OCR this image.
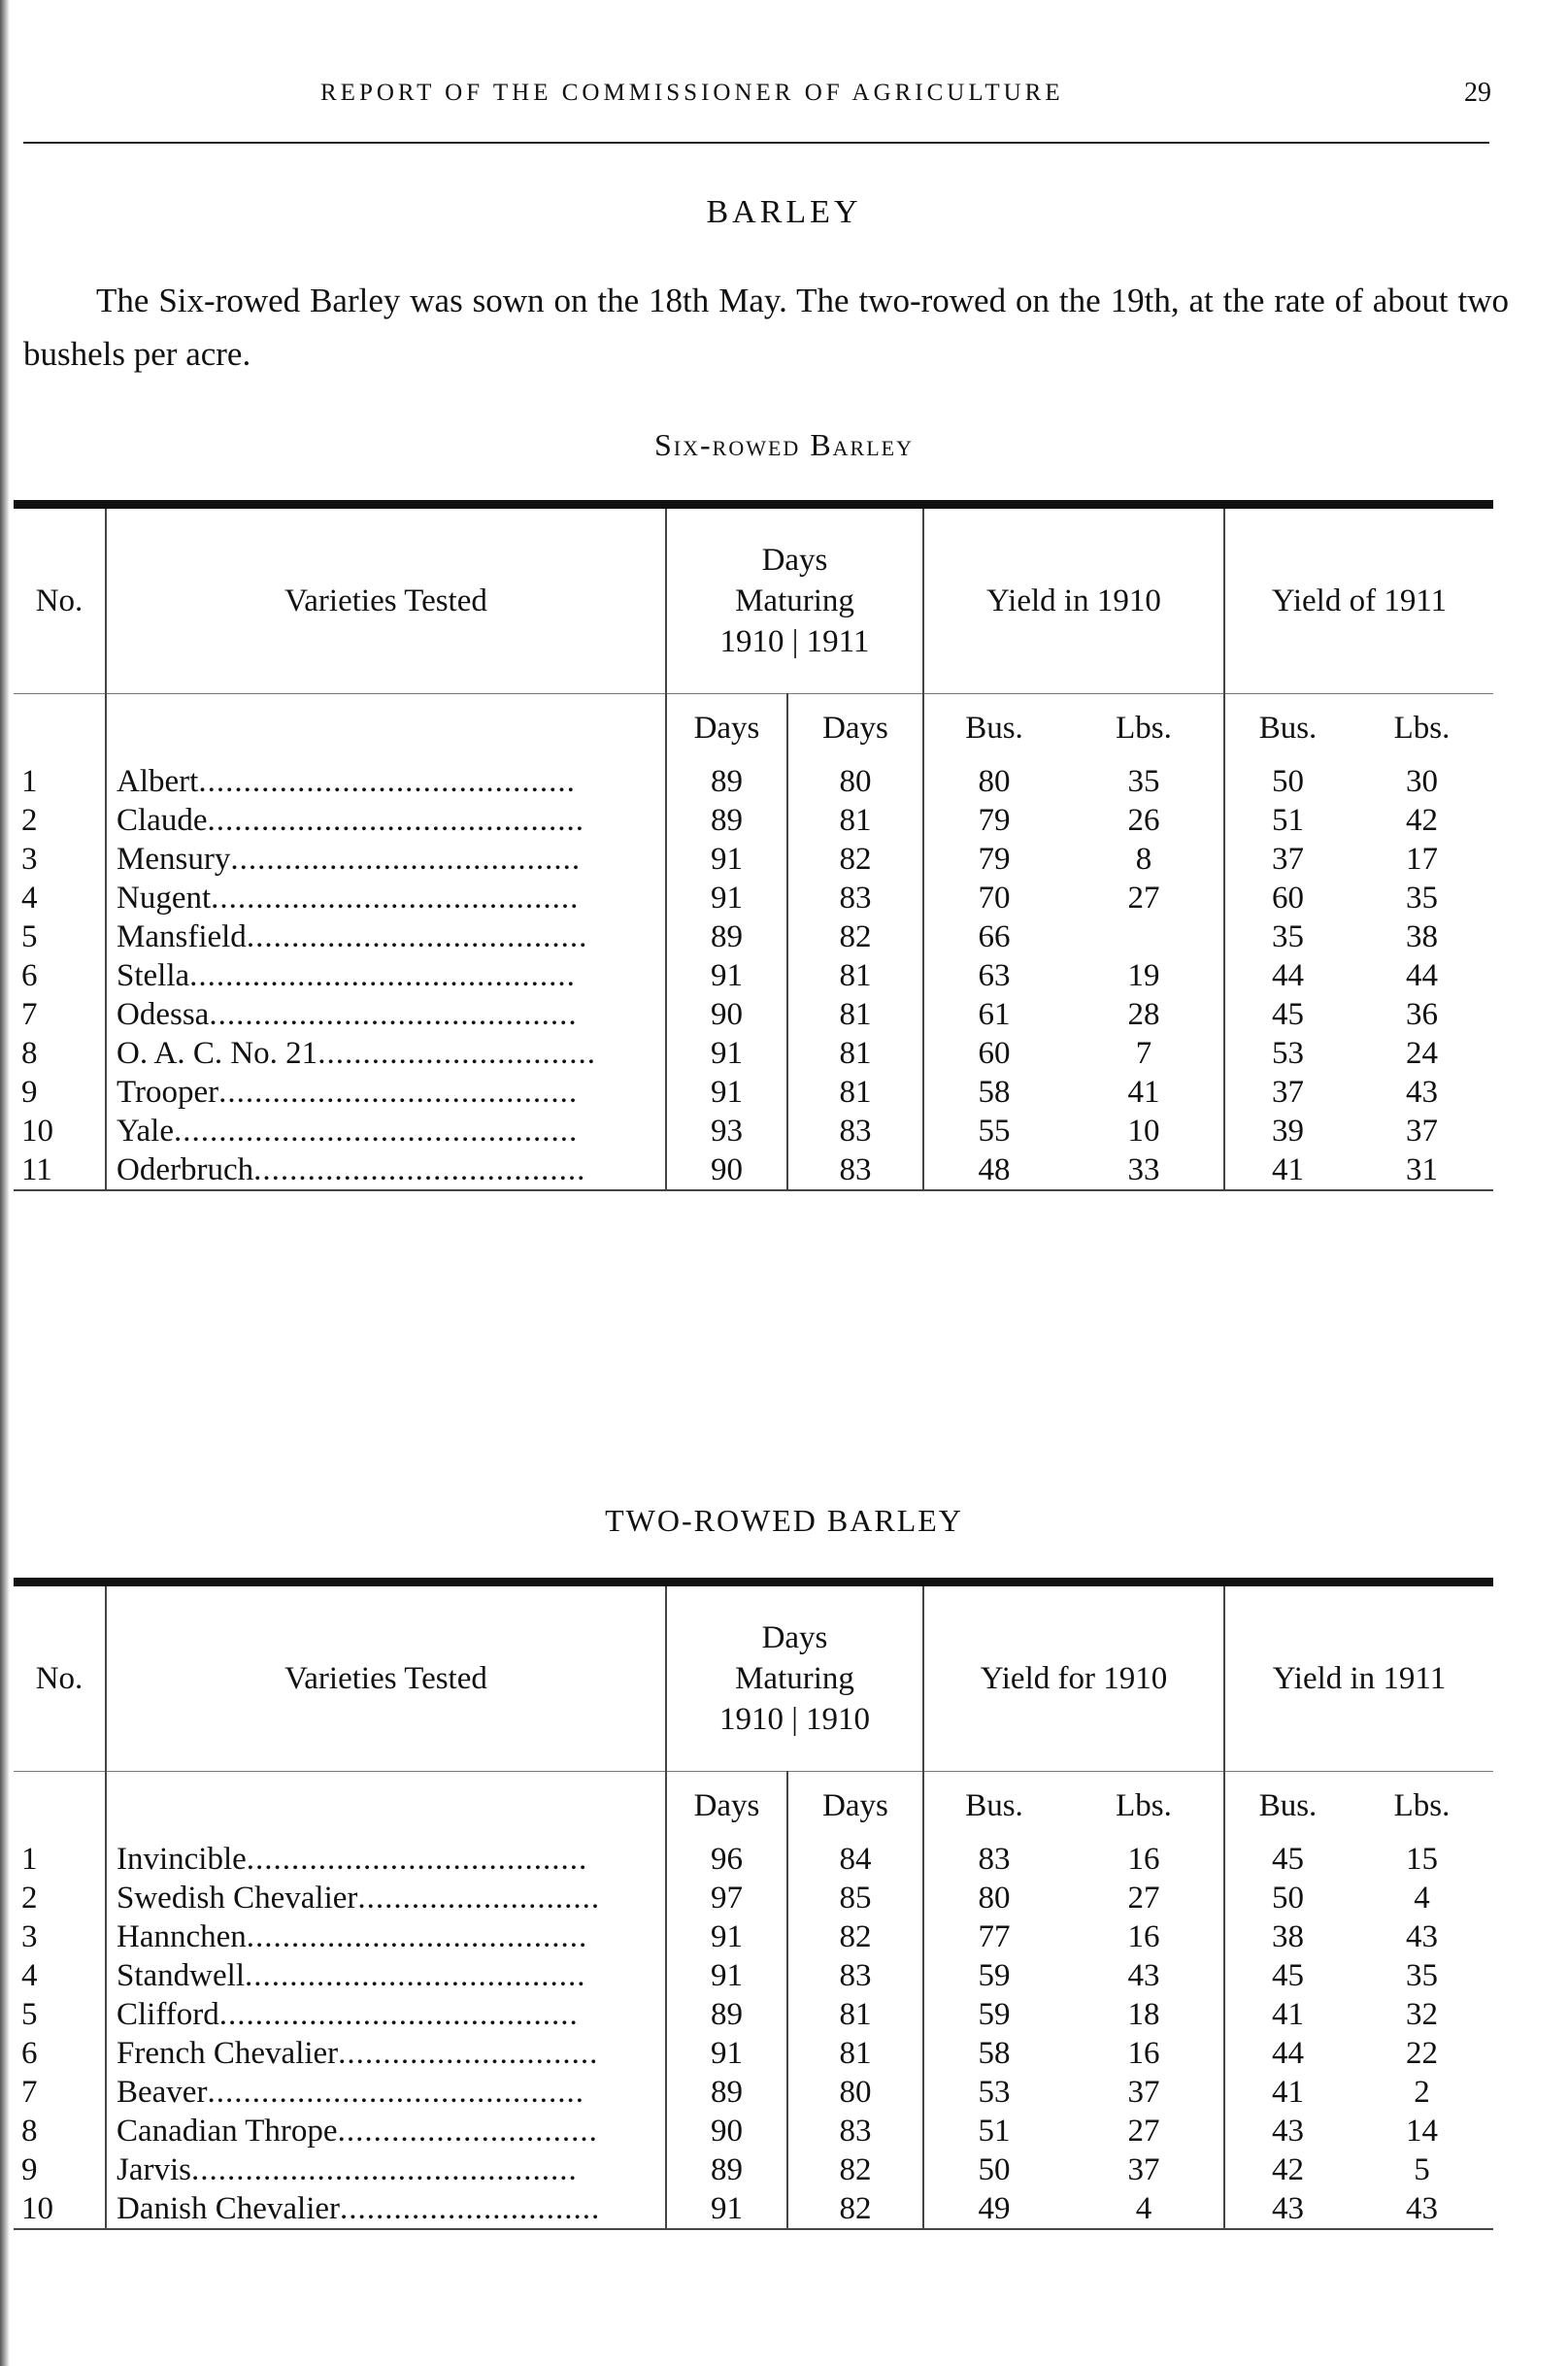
REPORT OF THE COMMISSIONER OF AGRICULTURE	29
BARLEY

The Six-rowed Barley was sown on the 18th May. The two-rowed on the 19th, at the rate of about two bushels per acre.

Six-rowed Barley

No.	Varieties Tested	Days
Maturing
1910 | 1911		Yield in 1910		Yield of 1911	
		Days	Days	Bus.	Lbs.	Bus.	Lbs.
1	Albert..........................................	89	80	80	35	50	30
2	Claude..........................................	89	81	79	26	51	42
3	Mensury.......................................	91	82	79	8	37	17
4	Nugent.........................................	91	83	70	27	60	35
5	Mansfield......................................	89	82	66		35	38
6	Stella...........................................	91	81	63	19	44	44
7	Odessa.........................................	90	81	61	28	45	36
8	O. A. C. No. 21...............................	91	81	60	7	53	24
9	Trooper........................................	91	81	58	41	37	43
10	Yale.............................................	93	83	55	10	39	37
11	Oderbruch.....................................	90	83	48	33	41	31

TWO-ROWED BARLEY

No.	Varieties Tested	Days
Maturing
1910 | 1910		Yield for 1910		Yield in 1911	
		Days	Days	Bus.	Lbs.	Bus.	Lbs.
1	Invincible......................................	96	84	83	16	45	15
2	Swedish Chevalier...........................	97	85	80	27	50	4
3	Hannchen......................................	91	82	77	16	38	43
4	Standwell......................................	91	83	59	43	45	35
5	Clifford........................................	89	81	59	18	41	32
6	French Chevalier.............................	91	81	58	16	44	22
7	Beaver..........................................	89	80	53	37	41	2
8	Canadian Thrope.............................	90	83	51	27	43	14
9	Jarvis...........................................	89	82	50	37	42	5
10	Danish Chevalier.............................	91	82	49	4	43	43
